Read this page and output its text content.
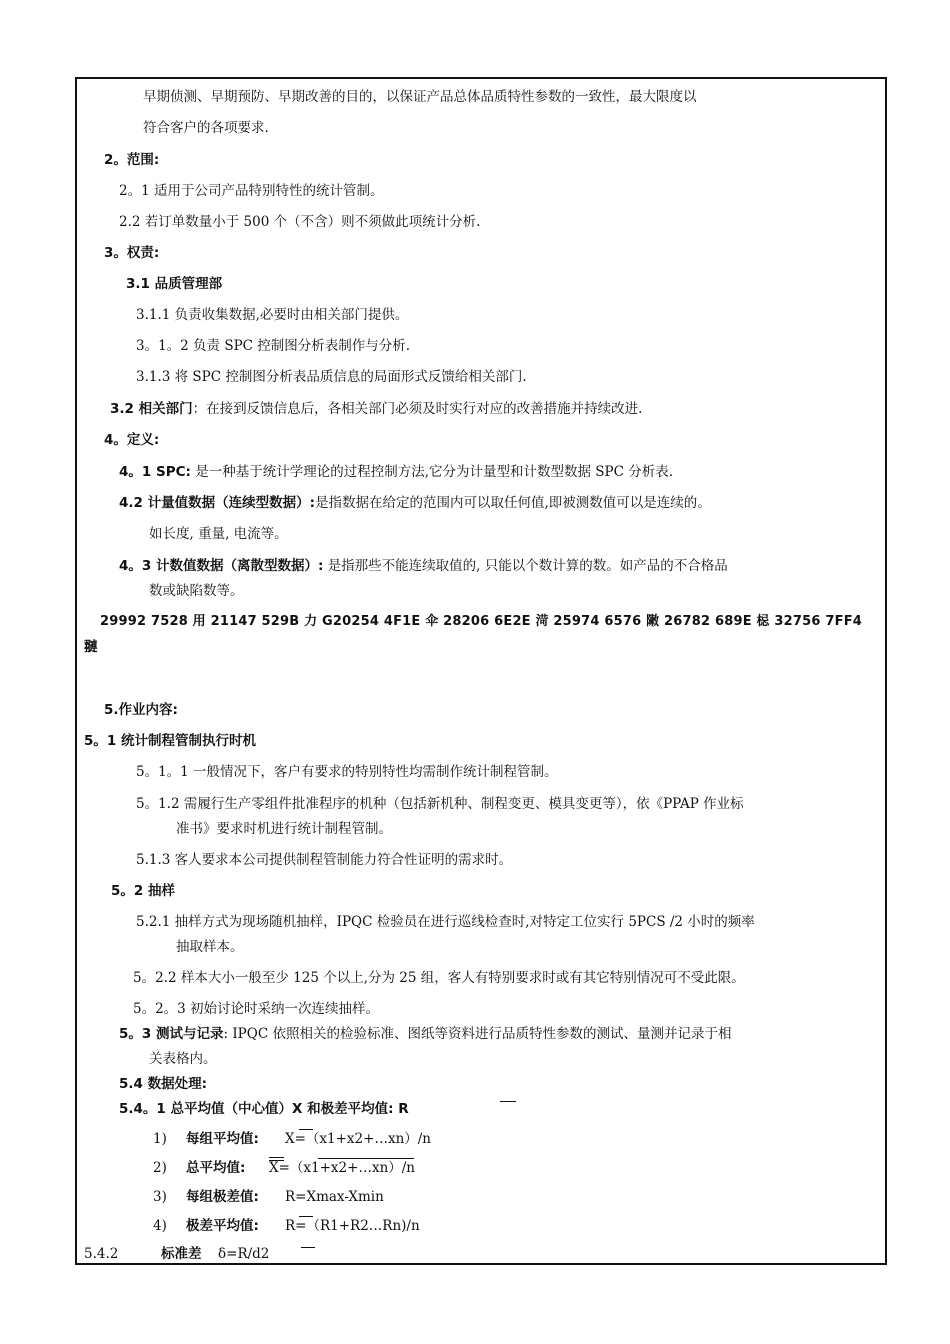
早期侦测、早期预防、早期改善的目的，以保证产品总体品质特性参数的一致性，最大限度以
符合客户的各项要求.
2。范围:
2。1 适用于公司产品特别特性的统计管制。
2.2 若订单数量小于 500 个（不含）则不须做此项统计分析.
3。权责:
3.1 品质管理部
3.1.1 负责收集数据,必要时由相关部门提供。
3。1。2 负责 SPC 控制图分析表制作与分析.
3.1.3 将 SPC 控制图分析表品质信息的局面形式反馈给相关部门.
3.2 相关部门：在接到反馈信息后，各相关部门必须及时实行对应的改善措施并持续改进.
4。定义:
4。1 SPC: 是一种基于统计学理论的过程控制方法,它分为计量型和计数型数据 SPC 分析表.
4.2 计量值数据（连续型数据）:是指数据在给定的范围内可以取任何值,即被测数值可以是连续的。
如长度, 重量, 电流等。
4。3 计数值数据（离散型数据）: 是指那些不能连续取值的, 只能以个数计算的数。如产品的不合格品
数或缺陷数等。
29992 7528 用 21147 529B 力 G20254 4F1E 伞 28206 6E2E 渮 25974 6576 敶 26782 689E 梞 32756 7FF4
翴
5.作业内容:
5。1 统计制程管制执行时机
5。1。1 一般情况下，客户有要求的特别特性均需制作统计制程管制。
5。1.2 需履行生产零组件批准程序的机种（包括新机种、制程变更、模具变更等），依《PPAP 作业标
准书》要求时机进行统计制程管制。
5.1.3 客人要求本公司提供制程管制能力符合性证明的需求时。
5。2 抽样
5.2.1 抽样方式为现场随机抽样，IPQC 检验员在进行巡线检查时,对特定工位实行 5PCS /2 小时的频率
抽取样本。
5。2.2 样本大小一般至少 125 个以上,分为 25 组，客人有特别要求时或有其它特别情况可不受此限。
5。2。3 初始讨论时采纳一次连续抽样。
5。3 测试与记录: IPQC 依照相关的检验标准、图纸等资料进行品质特性参数的测试、量测并记录于相
关表格内。
5.4 数据处理:
5.4。1 总平均值（中心值）X 和极差平均值: R
1) 每组平均值: X=（x1+x2+…xn）/n
2) 总平均值: X=（x1+x2+…xn）/n
3) 每组极差值: R=Xmax-Xmin
4) 极差平均值: R=（R1+R2…Rn)/n
5.4.2	标准差 δ=R/d2
